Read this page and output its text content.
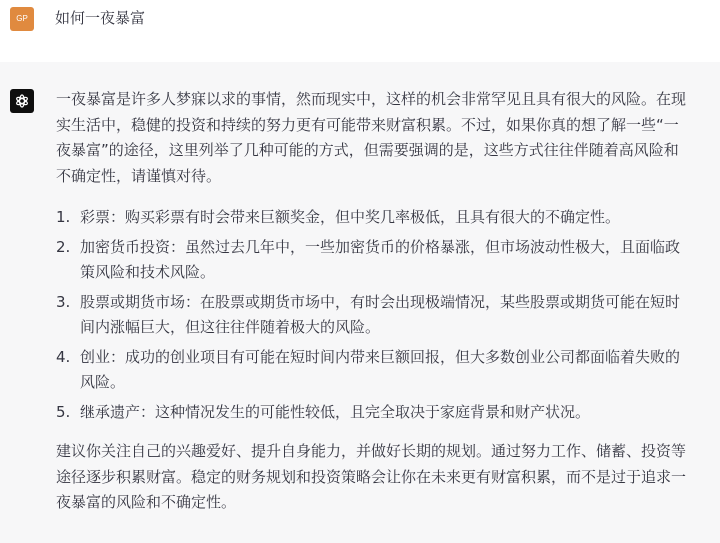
GP	如何一夜暴富
一夜暴富是许多人梦寐以求的事情，然而现实中，这样的机会非常罕见且具有很大的风险。在现
实生活中，稳健的投资和持续的努力更有可能带来财富积累。不过，如果你真的想了解一些“一
夜暴富”的途径，这里列举了几种可能的方式，但需要强调的是，这些方式往往伴随着高风险和
不确定性，请谨慎对待。
1. 彩票：购买彩票有时会带来巨额奖金，但中奖几率极低，且具有很大的不确定性。
2. 加密货币投资：虽然过去几年中，一些加密货币的价格暴涨，但市场波动性极大，且面临政
策风险和技术风险。
3. 股票或期货市场：在股票或期货市场中，有时会出现极端情况，某些股票或期货可能在短时
间内涨幅巨大，但这往往伴随着极大的风险。
4. 创业：成功的创业项目有可能在短时间内带来巨额回报，但大多数创业公司都面临着失败的
风险。
5. 继承遗产：这种情况发生的可能性较低，且完全取决于家庭背景和财产状况。
建议你关注自己的兴趣爱好、提升自身能力，并做好长期的规划。通过努力工作、储蓄、投资等
途径逐步积累财富。稳定的财务规划和投资策略会让你在未来更有财富积累，而不是过于追求一
夜暴富的风险和不确定性。
